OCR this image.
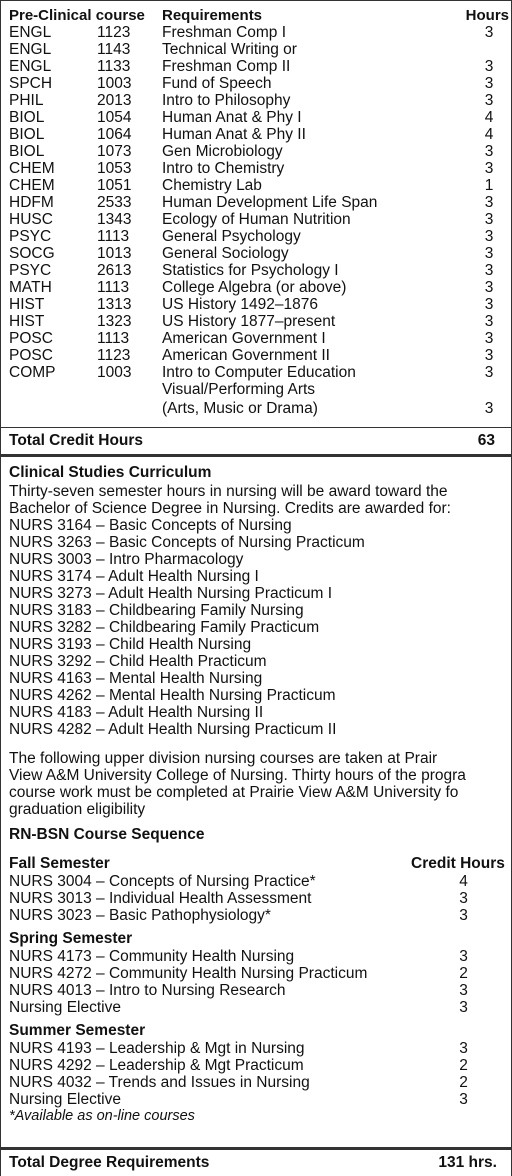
Pre-Clinical course	Requirements	Hours
ENGL	1123	Freshman Comp I	3
ENGL	1143	Technical Writing or
ENGL	1133	Freshman Comp II	3
SPCH	1003	Fund of Speech	3
PHIL	2013	Intro to Philosophy	3
BIOL	1054	Human Anat & Phy I	4
BIOL	1064	Human Anat & Phy II	4
BIOL	1073	Gen Microbiology	3
CHEM	1053	Intro to Chemistry	3
CHEM	1051	Chemistry Lab	1
HDFM	2533	Human Development Life Span	3
HUSC	1343	Ecology of Human Nutrition	3
PSYC	1113	General Psychology	3
SOCG	1013	General Sociology	3
PSYC	2613	Statistics for Psychology I	3
MATH	1113	College Algebra (or above)	3
HIST	1313	US History 1492–1876	3
HIST	1323	US History 1877–present	3
POSC	1113	American Government I	3
POSC	1123	American Government II	3
COMP	1003	Intro to Computer Education	3
Visual/Performing Arts
(Arts, Music or Drama)	3
Total Credit Hours	63
Clinical Studies Curriculum
Thirty-seven semester hours in nursing will be award toward the
Bachelor of Science Degree in Nursing. Credits are awarded for:
NURS 3164 – Basic Concepts of Nursing
NURS 3263 – Basic Concepts of Nursing Practicum
NURS 3003 – Intro Pharmacology
NURS 3174 – Adult Health Nursing I
NURS 3273 – Adult Health Nursing Practicum I
NURS 3183 – Childbearing Family Nursing
NURS 3282 – Childbearing Family Practicum
NURS 3193 – Child Health Nursing
NURS 3292 – Child Health Practicum
NURS 4163 – Mental Health Nursing
NURS 4262 – Mental Health Nursing Practicum
NURS 4183 – Adult Health Nursing II
NURS 4282 – Adult Health Nursing Practicum II
The following upper division nursing courses are taken at Prair
View A&M University College of Nursing. Thirty hours of the progra
course work must be completed at Prairie View A&M University fo
graduation eligibility
RN-BSN Course Sequence
Fall Semester	Credit Hours
NURS 3004 – Concepts of Nursing Practice*	4
NURS 3013 – Individual Health Assessment	3
NURS 3023 – Basic Pathophysiology*	3
Spring Semester
NURS 4173 – Community Health Nursing	3
NURS 4272 – Community Health Nursing Practicum	2
NURS 4013 – Intro to Nursing Research	3
Nursing Elective	3
Summer Semester
NURS 4193 – Leadership & Mgt in Nursing	3
NURS 4292 – Leadership & Mgt Practicum	2
NURS 4032 – Trends and Issues in Nursing	2
Nursing Elective	3
*Available as on-line courses
Total Degree Requirements	131 hrs.
